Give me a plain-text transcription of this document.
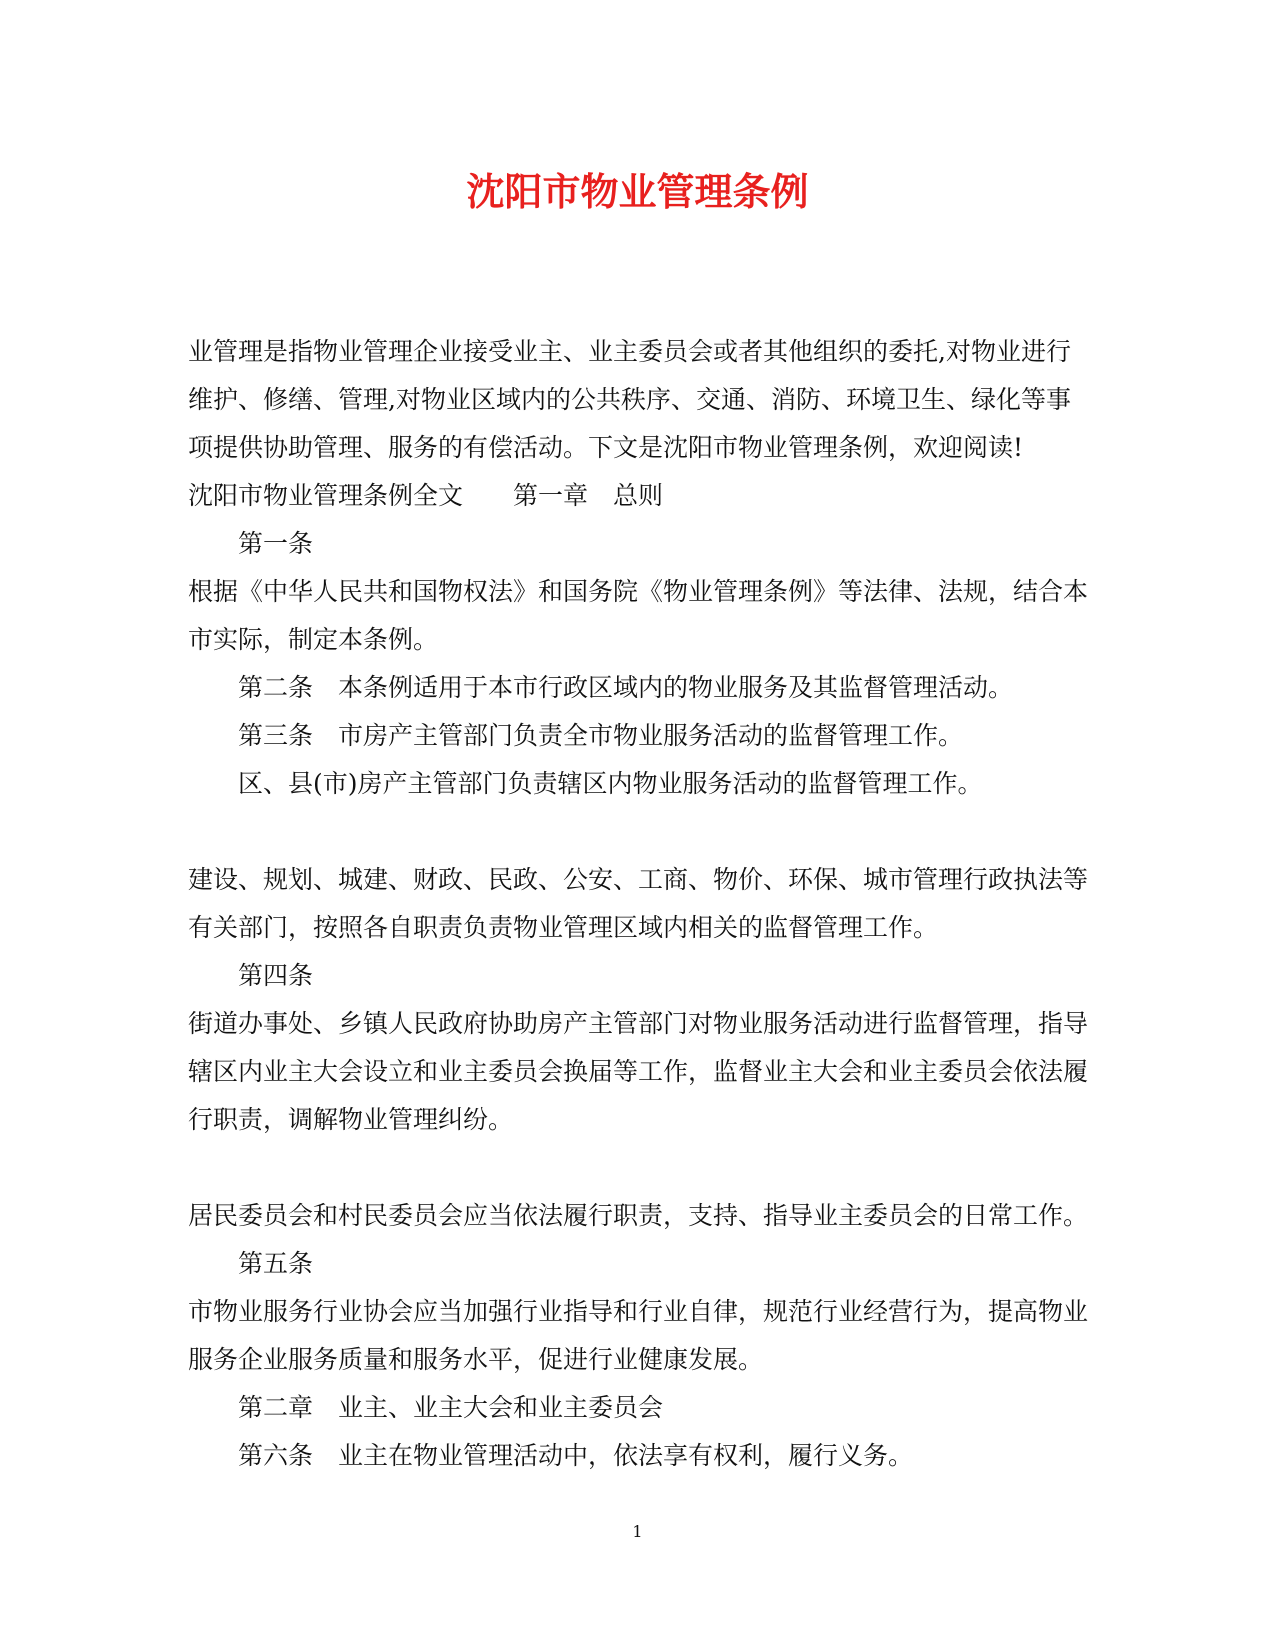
沈阳市物业管理条例
业管理是指物业管理企业接受业主、业主委员会或者其他组织的委托,对物业进行
维护、修缮、管理,对物业区域内的公共秩序、交通、消防、环境卫生、绿化等事
项提供协助管理、服务的有偿活动。下文是沈阳市物业管理条例，欢迎阅读!
沈阳市物业管理条例全文　　第一章　总则
第一条
根据《中华人民共和国物权法》和国务院《物业管理条例》等法律、法规，结合本
市实际，制定本条例。
第二条　本条例适用于本市行政区域内的物业服务及其监督管理活动。
第三条　市房产主管部门负责全市物业服务活动的监督管理工作。
区、县(市)房产主管部门负责辖区内物业服务活动的监督管理工作。
建设、规划、城建、财政、民政、公安、工商、物价、环保、城市管理行政执法等
有关部门，按照各自职责负责物业管理区域内相关的监督管理工作。
第四条
街道办事处、乡镇人民政府协助房产主管部门对物业服务活动进行监督管理，指导
辖区内业主大会设立和业主委员会换届等工作，监督业主大会和业主委员会依法履
行职责，调解物业管理纠纷。
居民委员会和村民委员会应当依法履行职责，支持、指导业主委员会的日常工作。
第五条
市物业服务行业协会应当加强行业指导和行业自律，规范行业经营行为，提高物业
服务企业服务质量和服务水平，促进行业健康发展。
第二章　业主、业主大会和业主委员会
第六条　业主在物业管理活动中，依法享有权利，履行义务。
1
